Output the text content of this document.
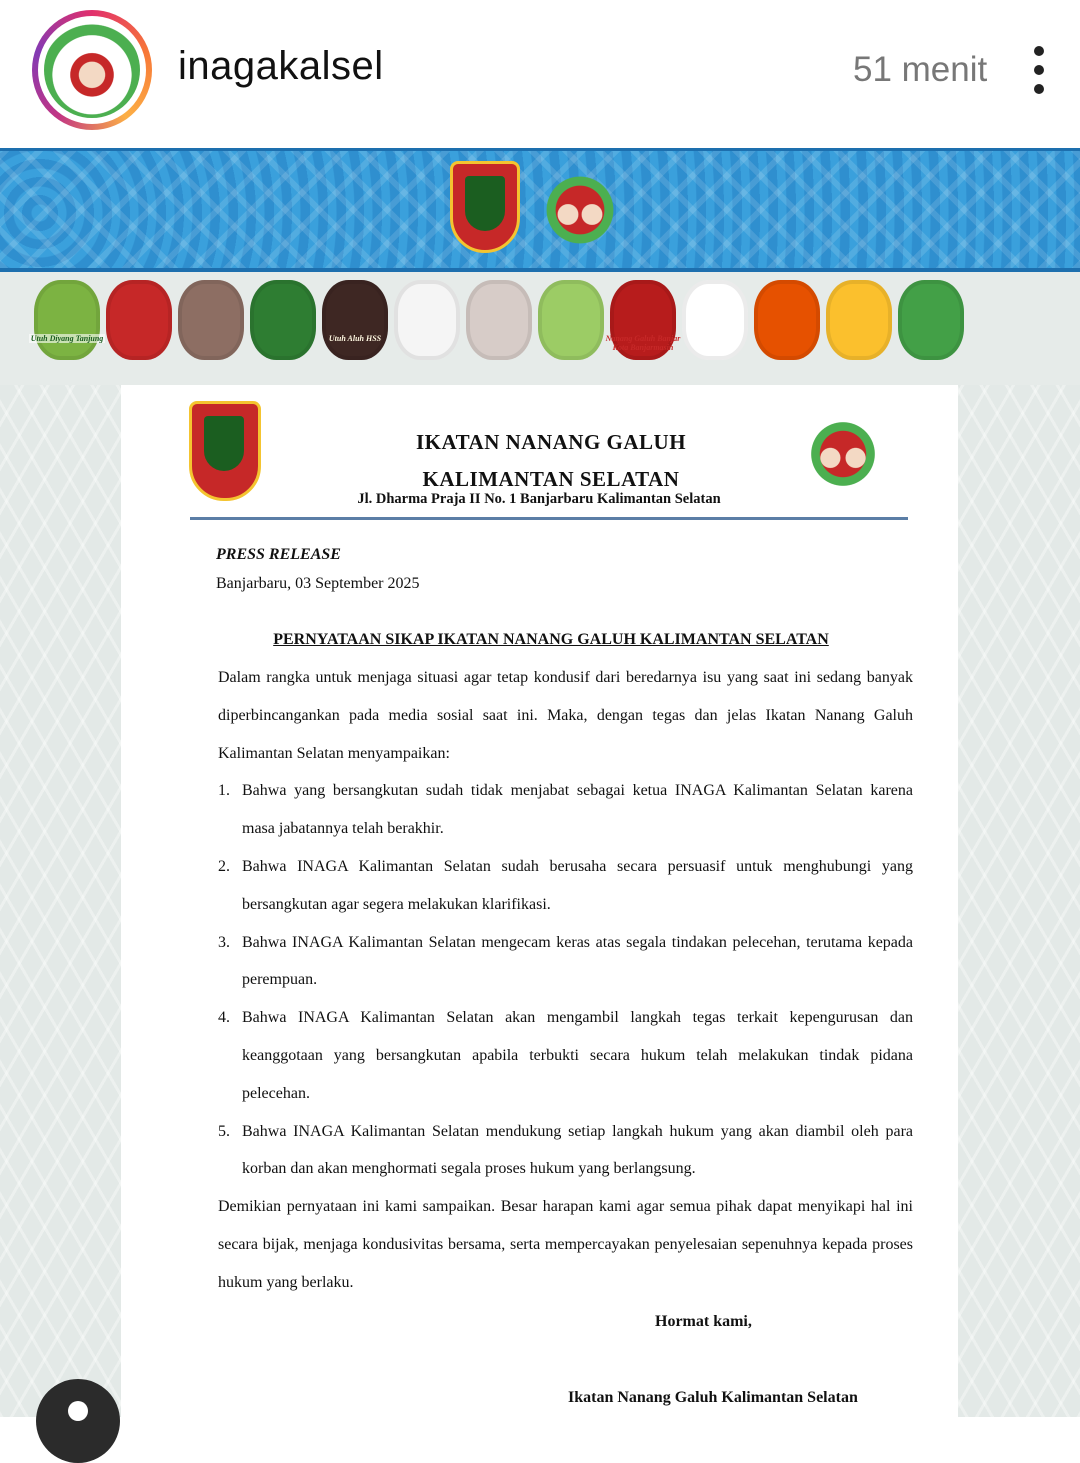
inagakalsel	51 menit
Utuh Diyang Tanjung	Utuh Aluh HSS	Nanang Galuh Banjar Kota Banjarmasin
IKATAN NANANG GALUH
KALIMANTAN SELATAN
Jl. Dharma Praja II No. 1 Banjarbaru Kalimantan Selatan
PRESS RELEASE
Banjarbaru, 03 September 2025
PERNYATAAN SIKAP IKATAN NANANG GALUH KALIMANTAN SELATAN
Dalam rangka untuk menjaga situasi agar tetap kondusif dari beredarnya isu yang saat ini sedang banyak
diperbincangankan pada media sosial saat ini. Maka, dengan tegas dan jelas Ikatan Nanang Galuh
Kalimantan Selatan menyampaikan:
1. Bahwa yang bersangkutan sudah tidak menjabat sebagai ketua INAGA Kalimantan Selatan karena
masa jabatannya telah berakhir.
2. Bahwa INAGA Kalimantan Selatan sudah berusaha secara persuasif untuk menghubungi yang
bersangkutan agar segera melakukan klarifikasi.
3. Bahwa INAGA Kalimantan Selatan mengecam keras atas segala tindakan pelecehan, terutama kepada
perempuan.
4. Bahwa INAGA Kalimantan Selatan akan mengambil langkah tegas terkait kepengurusan dan
keanggotaan yang bersangkutan apabila terbukti secara hukum telah melakukan tindak pidana
pelecehan.
5. Bahwa INAGA Kalimantan Selatan mendukung setiap langkah hukum yang akan diambil oleh para
korban dan akan menghormati segala proses hukum yang berlangsung.
Demikian pernyataan ini kami sampaikan. Besar harapan kami agar semua pihak dapat menyikapi hal ini
secara bijak, menjaga kondusivitas bersama, serta mempercayakan penyelesaian sepenuhnya kepada proses
hukum yang berlaku.
Hormat kami,
Ikatan Nanang Galuh Kalimantan Selatan
